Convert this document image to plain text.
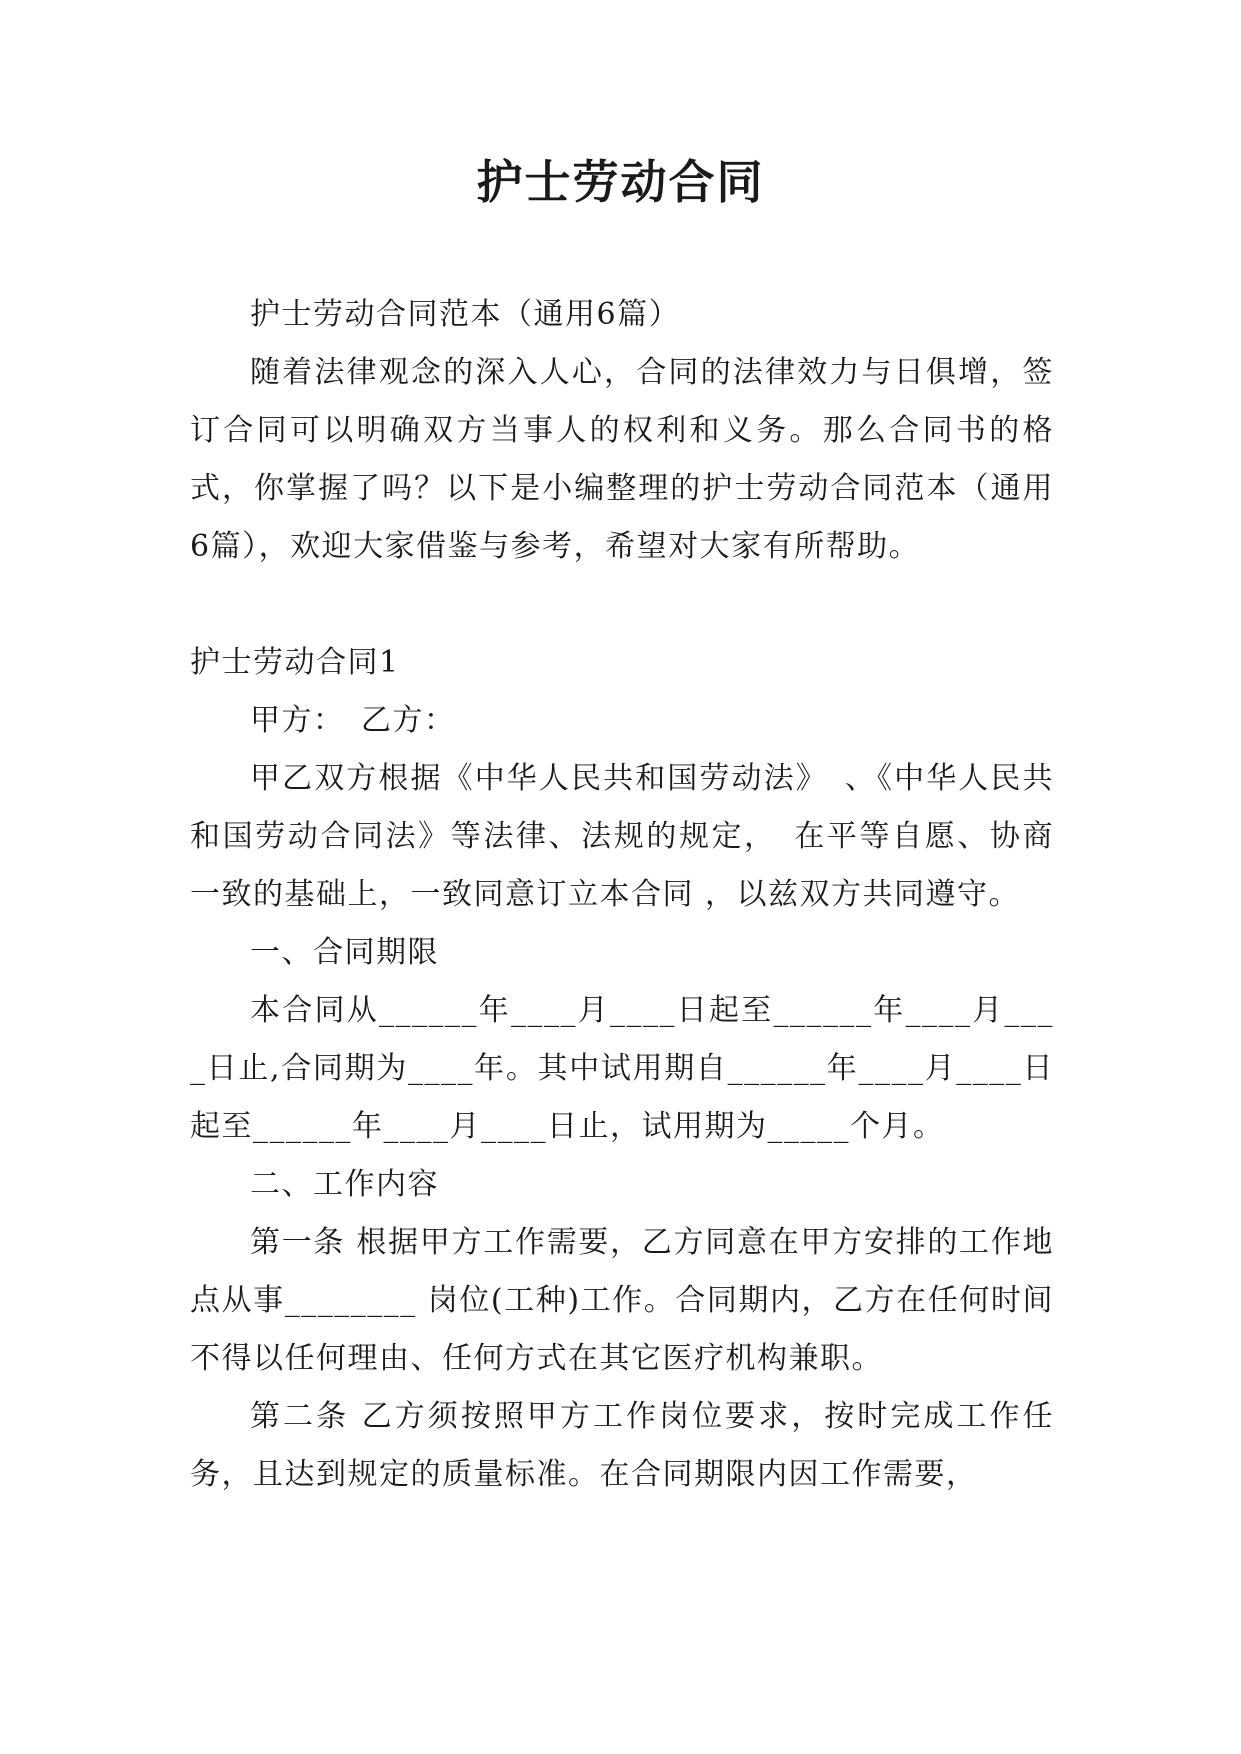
护士劳动合同

护士劳动合同范本（通用6篇）

随着法律观念的深入人心，合同的法律效力与日俱增，签订合同可以明确双方当事人的权利和义务。那么合同书的格式，你掌握了吗？以下是小编整理的护士劳动合同范本（通用6篇），欢迎大家借鉴与参考，希望对大家有所帮助。

护士劳动合同1

甲方：　乙方：

甲乙双方根据《中华人民共和国劳动法》　、《中华人民共和国劳动合同法》等法律、法规的规定，　在平等自愿、协商一致的基础上，一致同意订立本合同 ，以兹双方共同遵守。

一、合同期限

本合同从______年____月____日起至______年____月____日止,合同期为____年。其中试用期自______年____月____日起至______年____月____日止，试用期为_____个月。

二、工作内容

第一条 根据甲方工作需要，乙方同意在甲方安排的工作地点从事________ 岗位(工种)工作。合同期内，乙方在任何时间不得以任何理由、任何方式在其它医疗机构兼职。

第二条 乙方须按照甲方工作岗位要求，按时完成工作任务，且达到规定的质量标准。在合同期限内因工作需要，
